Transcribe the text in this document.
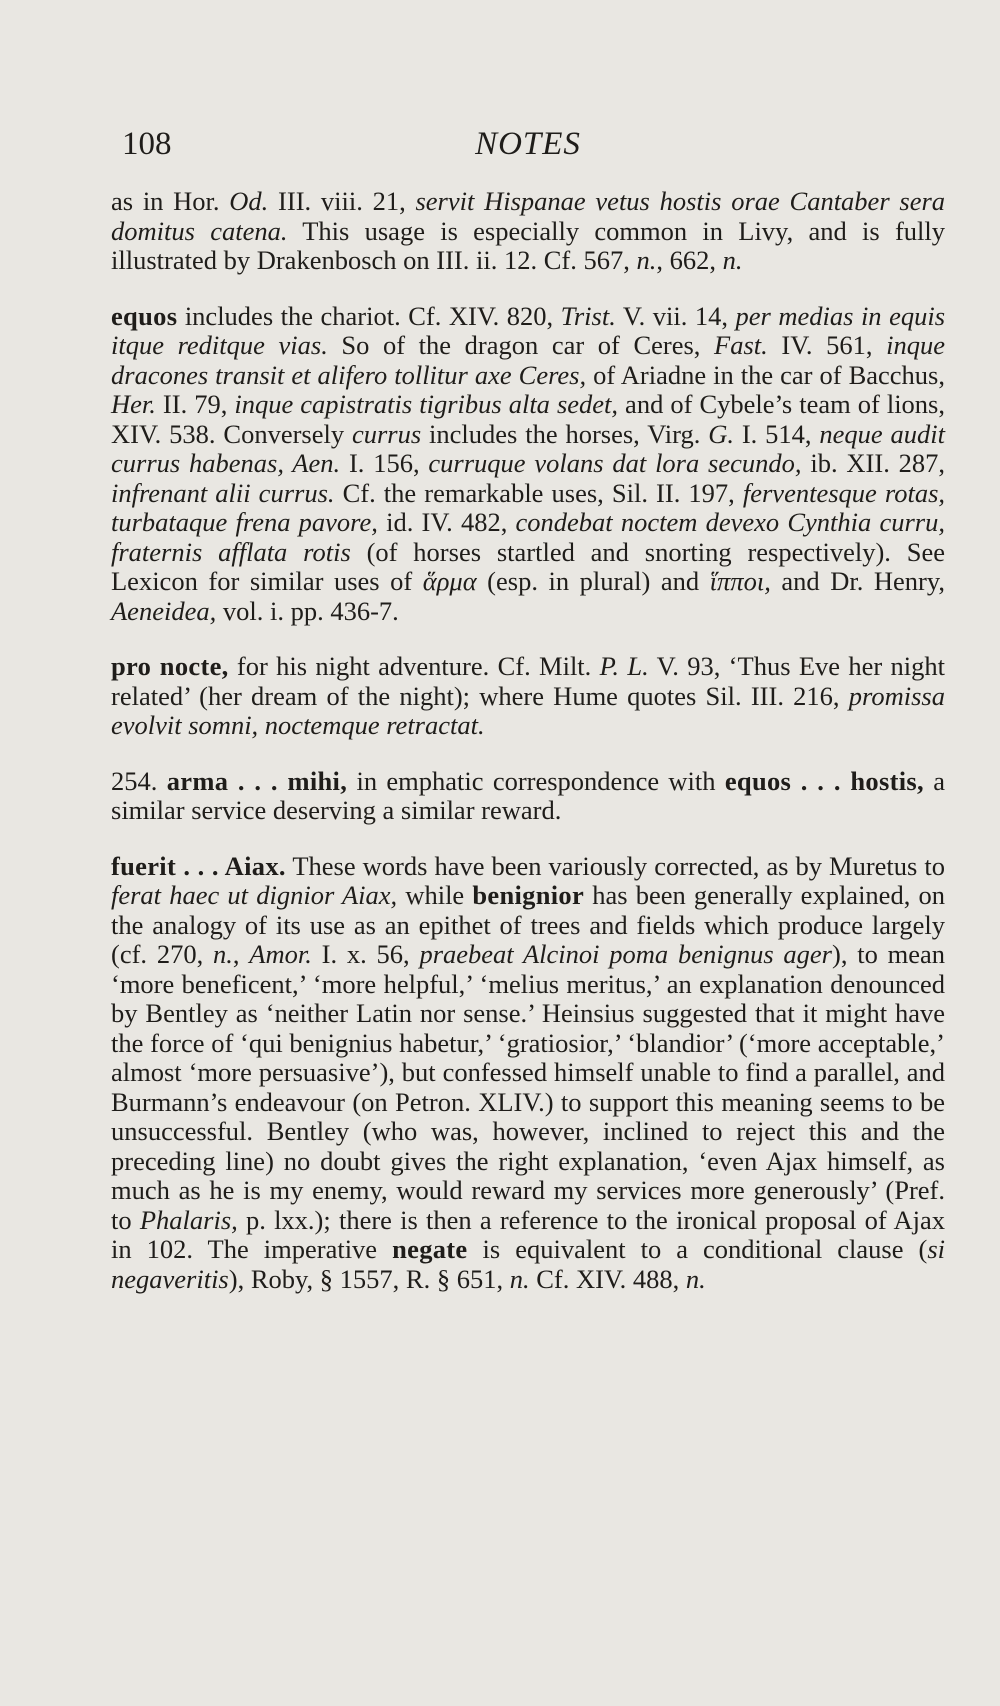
108	NOTES

as in Hor. Od. III. viii. 21, servit Hispanae vetus hostis orae Cantaber sera domitus catena. This usage is especially common in Livy, and is fully illustrated by Drakenbosch on III. ii. 12. Cf. 567, n., 662, n.

equos includes the chariot. Cf. XIV. 820, Trist. V. vii. 14, per medias in equis itque reditque vias. So of the dragon car of Ceres, Fast. IV. 561, inque dracones transit et alifero tollitur axe Ceres, of Ariadne in the car of Bacchus, Her. II. 79, inque capistratis tigribus alta sedet, and of Cybele’s team of lions, XIV. 538. Conversely currus includes the horses, Virg. G. I. 514, neque audit currus habenas, Aen. I. 156, curruque volans dat lora secundo, ib. XII. 287, infrenant alii currus. Cf. the remarkable uses, Sil. II. 197, ferventesque rotas, turbataque frena pavore, id. IV. 482, condebat noctem devexo Cynthia curru, fraternis afflata rotis (of horses startled and snorting respectively). See Lexicon for similar uses of ἅρμα (esp. in plural) and ἵπποι, and Dr. Henry, Aeneidea, vol. i. pp. 436-7.

pro nocte, for his night adventure. Cf. Milt. P. L. V. 93, ‘Thus Eve her night related’ (her dream of the night); where Hume quotes Sil. III. 216, promissa evolvit somni, noctemque retractat.

254. arma . . . mihi, in emphatic correspondence with equos . . . hostis, a similar service deserving a similar reward.

fuerit . . . Aiax. These words have been variously corrected, as by Muretus to ferat haec ut dignior Aiax, while benignior has been generally explained, on the analogy of its use as an epithet of trees and fields which produce largely (cf. 270, n., Amor. I. x. 56, praebeat Alcinoi poma benignus ager), to mean ‘more beneficent,’ ‘more helpful,’ ‘melius meritus,’ an explanation denounced by Bentley as ‘neither Latin nor sense.’ Heinsius suggested that it might have the force of ‘qui benignius habetur,’ ‘gratiosior,’ ‘blandior’ (‘more acceptable,’ almost ‘more persuasive’), but confessed himself unable to find a parallel, and Burmann’s endeavour (on Petron. XLIV.) to support this meaning seems to be unsuccessful. Bentley (who was, however, inclined to reject this and the preceding line) no doubt gives the right explanation, ‘even Ajax himself, as much as he is my enemy, would reward my services more generously’ (Pref. to Phalaris, p. lxx.); there is then a reference to the ironical proposal of Ajax in 102. The imperative negate is equivalent to a conditional clause (si negaveritis), Roby, § 1557, R. § 651, n. Cf. XIV. 488, n.
